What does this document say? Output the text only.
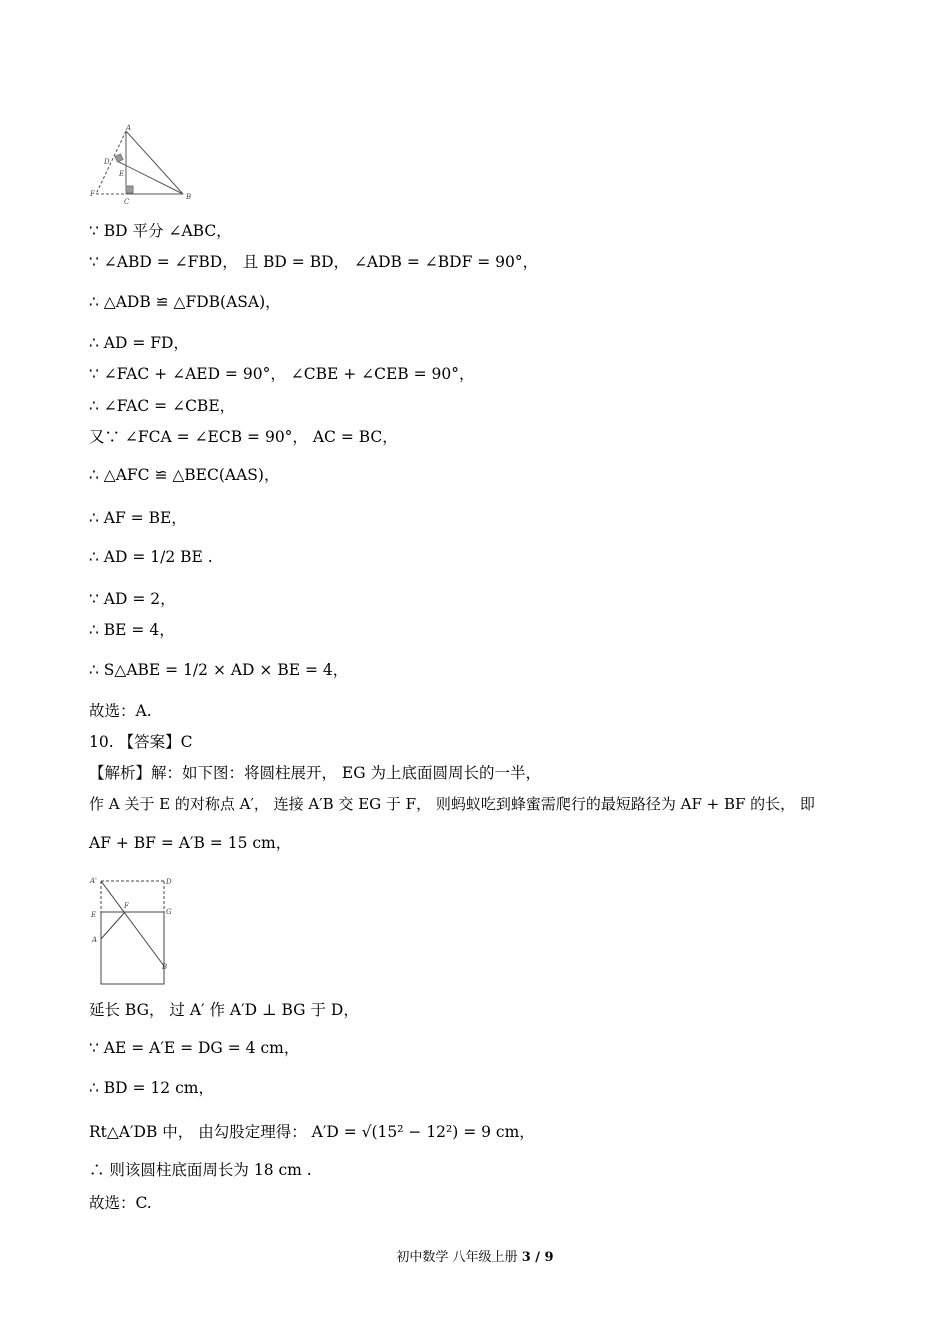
A
D
E
F
C
B
∵ BD 平分 ∠ABC，
∵ ∠ABD = ∠FBD， 且 BD = BD， ∠ADB = ∠BDF = 90°，
∴ △ADB ≌ △FDB(ASA)，
∴ AD = FD，
∵ ∠FAC + ∠AED = 90°， ∠CBE + ∠CEB = 90°，
∴ ∠FAC = ∠CBE，
又∵ ∠FCA = ∠ECB = 90°， AC = BC，
∴ △AFC ≌ △BEC(AAS)，
∴ AF = BE，
∴ AD = 1/2 BE .
∵ AD = 2，
∴ BE = 4，
∴ S△ABE = 1/2 × AD × BE = 4，
故选：A.
10. 【答案】C
【解析】解：如下图：将圆柱展开， EG 为上底面圆周长的一半，
作 A 关于 E 的对称点 A′， 连接 A′B 交 EG 于 F， 则蚂蚁吃到蜂蜜需爬行的最短路径为 AF + BF 的长， 即
AF + BF = A′B = 15 cm，
A'	D
E
F
G
A
B
延长 BG， 过 A′ 作 A′D ⊥ BG 于 D，
∵ AE = A′E = DG = 4 cm，
∴ BD = 12 cm，
Rt△A′DB 中， 由勾股定理得： A′D = √(15² − 12²) = 9 cm，
∴ 则该圆柱底面周长为 18 cm .
故选：C.
初中数学 八年级上册 3 / 9
